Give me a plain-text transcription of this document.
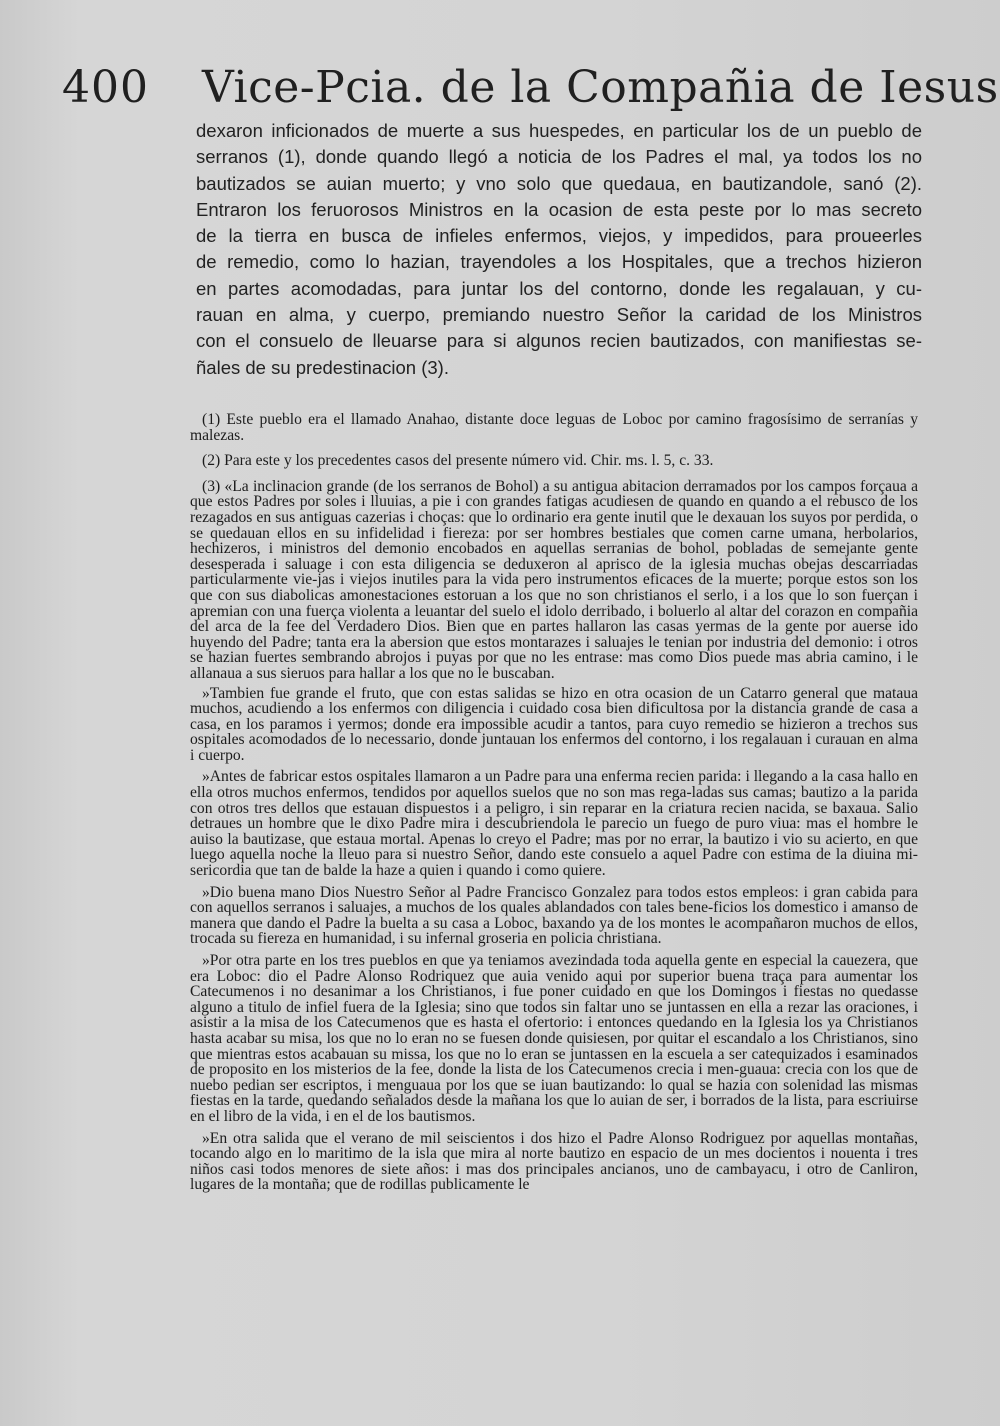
400 Vice-Pcia. de la Compañia de Iesus
dexaron inficionados de muerte a sus huespedes, en particular los de un pueblo de
serranos (1), donde quando llegó a noticia de los Padres el mal, ya todos los no
bautizados se auian muerto; y vno solo que quedaua, en bautizandole, sanó (2).
Entraron los feruorosos Ministros en la ocasion de esta peste por lo mas secreto
de la tierra en busca de infieles enfermos, viejos, y impedidos, para proueerles
de remedio, como lo hazian, trayendoles a los Hospitales, que a trechos hizieron
en partes acomodadas, para juntar los del contorno, donde les regalauan, y cu-
rauan en alma, y cuerpo, premiando nuestro Señor la caridad de los Ministros
con el consuelo de lleuarse para si algunos recien bautizados, con manifiestas se-
ñales de su predestinacion (3).

(1) Este pueblo era el llamado Anahao, distante doce leguas de Loboc por camino fragosísimo de serranías y malezas.

(2) Para este y los precedentes casos del presente número vid. Chir. ms. l. 5, c. 33.

(3) «La inclinacion grande (de los serranos de Bohol) a su antigua abitacion derramados por los campos forçaua a que estos Padres por soles i lluuias, a pie i con grandes fatigas acudiesen de quando en quando a el rebusco de los rezagados en sus antiguas cazerias i choças: que lo ordinario era gente inutil que le dexauan los suyos por perdida, o se quedauan ellos en su infidelidad i fiereza: por ser hombres bestiales que comen carne umana, herbolarios, hechizeros, i ministros del demonio encobados en aquellas serranias de bohol, pobladas de semejante gente desesperada i saluage i con esta diligencia se deduxeron al aprisco de la iglesia muchas obejas descarriadas particularmente vie-jas i viejos inutiles para la vida pero instrumentos eficaces de la muerte; porque estos son los que con sus diabolicas amonestaciones estoruan a los que no son christianos el serlo, i a los que lo son fuerçan i apremian con una fuerça violenta a leuantar del suelo el idolo derribado, i boluerlo al altar del corazon en compañia del arca de la fee del Verdadero Dios. Bien que en partes hallaron las casas yermas de la gente por auerse ido huyendo del Padre; tanta era la abersion que estos montarazes i saluajes le tenian por industria del demonio: i otros se hazian fuertes sembrando abrojos i puyas por que no les entrase: mas como Dios puede mas abria camino, i le allanaua a sus sieruos para hallar a los que no le buscaban.

»Tambien fue grande el fruto, que con estas salidas se hizo en otra ocasion de un Catarro general que mataua muchos, acudiendo a los enfermos con diligencia i cuidado cosa bien dificultosa por la distancia grande de casa a casa, en los paramos i yermos; donde era impossible acudir a tantos, para cuyo remedio se hizieron a trechos sus ospitales acomodados de lo necessario, donde juntauan los enfermos del contorno, i los regalauan i curauan en alma i cuerpo.

»Antes de fabricar estos ospitales llamaron a un Padre para una enferma recien parida: i llegando a la casa hallo en ella otros muchos enfermos, tendidos por aquellos suelos que no son mas rega-ladas sus camas; bautizo a la parida con otros tres dellos que estauan dispuestos i a peligro, i sin reparar en la criatura recien nacida, se baxaua. Salio detraues un hombre que le dixo Padre mira i descubriendola le parecio un fuego de puro viua: mas el hombre le auiso la bautizase, que estaua mortal. Apenas lo creyo el Padre; mas por no errar, la bautizo i vio su acierto, en que luego aquella noche la lleuo para si nuestro Señor, dando este consuelo a aquel Padre con estima de la diuina mi-sericordia que tan de balde la haze a quien i quando i como quiere.

»Dio buena mano Dios Nuestro Señor al Padre Francisco Gonzalez para todos estos empleos: i gran cabida para con aquellos serranos i saluajes, a muchos de los quales ablandados con tales bene-ficios los domestico i amanso de manera que dando el Padre la buelta a su casa a Loboc, baxando ya de los montes le acompañaron muchos de ellos, trocada su fiereza en humanidad, i su infernal groseria en policia christiana.

»Por otra parte en los tres pueblos en que ya teniamos avezindada toda aquella gente en especial la cauezera, que era Loboc: dio el Padre Alonso Rodriquez que auia venido aqui por superior buena traça para aumentar los Catecumenos i no desanimar a los Christianos, i fue poner cuidado en que los Domingos i fiestas no quedasse alguno a titulo de infiel fuera de la Iglesia; sino que todos sin faltar uno se juntassen en ella a rezar las oraciones, i asistir a la misa de los Catecumenos que es hasta el ofertorio: i entonces quedando en la Iglesia los ya Christianos hasta acabar su misa, los que no lo eran no se fuesen donde quisiesen, por quitar el escandalo a los Christianos, sino que mientras estos acabauan su missa, los que no lo eran se juntassen en la escuela a ser catequizados i esaminados de proposito en los misterios de la fee, donde la lista de los Catecumenos crecia i men-guaua: crecia con los que de nuebo pedian ser escriptos, i menguaua por los que se iuan bautizando: lo qual se hazia con solenidad las mismas fiestas en la tarde, quedando señalados desde la mañana los que lo auian de ser, i borrados de la lista, para escriuirse en el libro de la vida, i en el de los bautismos.

»En otra salida que el verano de mil seiscientos i dos hizo el Padre Alonso Rodriguez por aquellas montañas, tocando algo en lo maritimo de la isla que mira al norte bautizo en espacio de un mes docientos i nouenta i tres niños casi todos menores de siete años: i mas dos principales ancianos, uno de cambayacu, i otro de Canliron, lugares de la montaña; que de rodillas publicamente le
